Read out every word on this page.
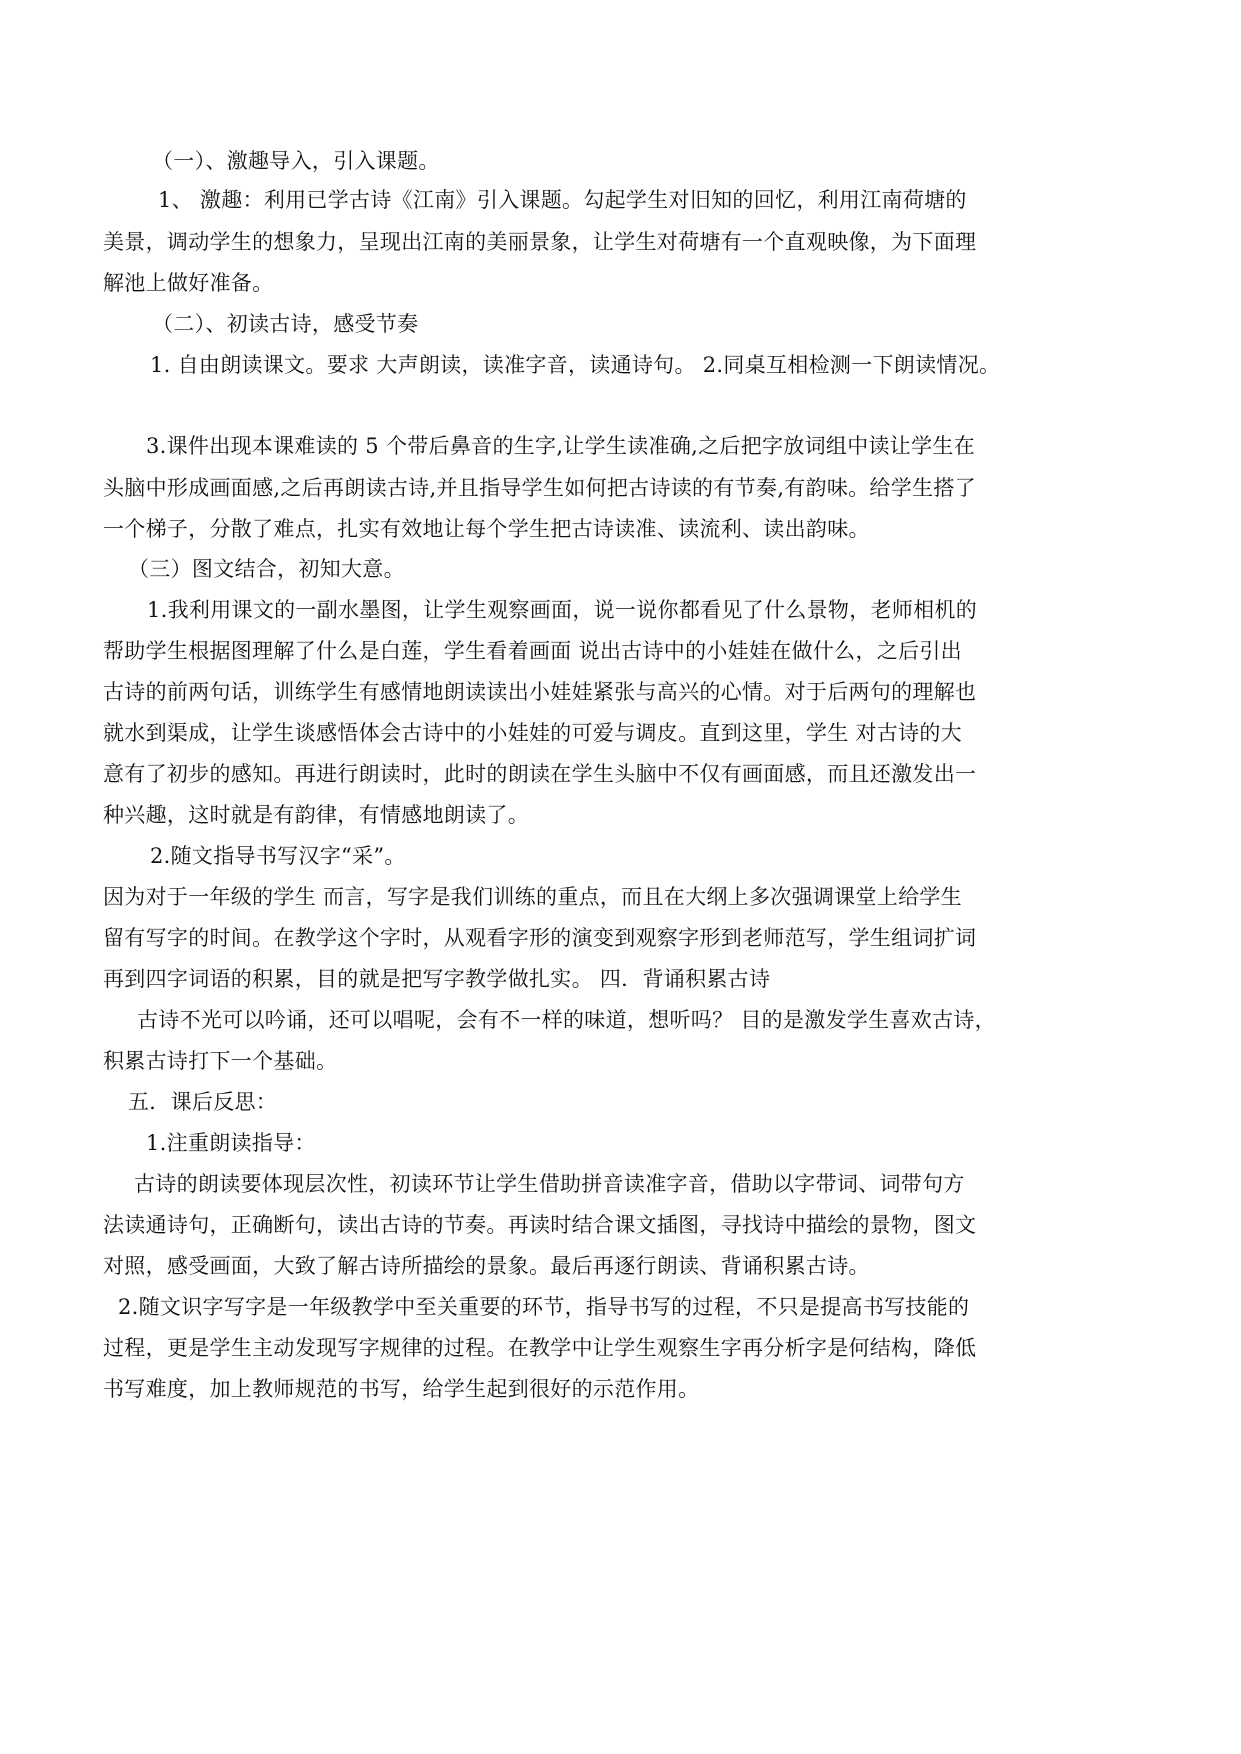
（一）、激趣导入，引入课题。
1、 激趣：利用已学古诗《江南》引入课题。勾起学生对旧知的回忆，利用江南荷塘的
美景，调动学生的想象力，呈现出江南的美丽景象，让学生对荷塘有一个直观映像，为下面理
解池上做好准备。
（二）、初读古诗，感受节奏
1. 自由朗读课文。要求 大声朗读，读准字音，读通诗句。 2.同桌互相检测一下朗读情况。
3.课件出现本课难读的 5 个带后鼻音的生字,让学生读准确,之后把字放词组中读让学生在
头脑中形成画面感,之后再朗读古诗,并且指导学生如何把古诗读的有节奏,有韵味。给学生搭了
一个梯子，分散了难点，扎实有效地让每个学生把古诗读准、读流利、读出韵味。
（三）图文结合，初知大意。
1.我利用课文的一副水墨图，让学生观察画面，说一说你都看见了什么景物，老师相机的
帮助学生根据图理解了什么是白莲，学生看着画面 说出古诗中的小娃娃在做什么，之后引出
古诗的前两句话，训练学生有感情地朗读读出小娃娃紧张与高兴的心情。对于后两句的理解也
就水到渠成，让学生谈感悟体会古诗中的小娃娃的可爱与调皮。直到这里，学生 对古诗的大
意有了初步的感知。再进行朗读时，此时的朗读在学生头脑中不仅有画面感，而且还激发出一
种兴趣，这时就是有韵律，有情感地朗读了。
2.随文指导书写汉字“采”。
因为对于一年级的学生 而言，写字是我们训练的重点，而且在大纲上多次强调课堂上给学生
留有写字的时间。在教学这个字时，从观看字形的演变到观察字形到老师范写，学生组词扩词
再到四字词语的积累，目的就是把写字教学做扎实。 四．背诵积累古诗
古诗不光可以吟诵，还可以唱呢，会有不一样的味道，想听吗？ 目的是激发学生喜欢古诗，
积累古诗打下一个基础。
五．课后反思：
1.注重朗读指导：
古诗的朗读要体现层次性，初读环节让学生借助拼音读准字音，借助以字带词、词带句方
法读通诗句，正确断句，读出古诗的节奏。再读时结合课文插图，寻找诗中描绘的景物，图文
对照，感受画面，大致了解古诗所描绘的景象。最后再逐行朗读、背诵积累古诗。
2.随文识字写字是一年级教学中至关重要的环节，指导书写的过程，不只是提高书写技能的
过程，更是学生主动发现写字规律的过程。在教学中让学生观察生字再分析字是何结构，降低
书写难度，加上教师规范的书写，给学生起到很好的示范作用。
